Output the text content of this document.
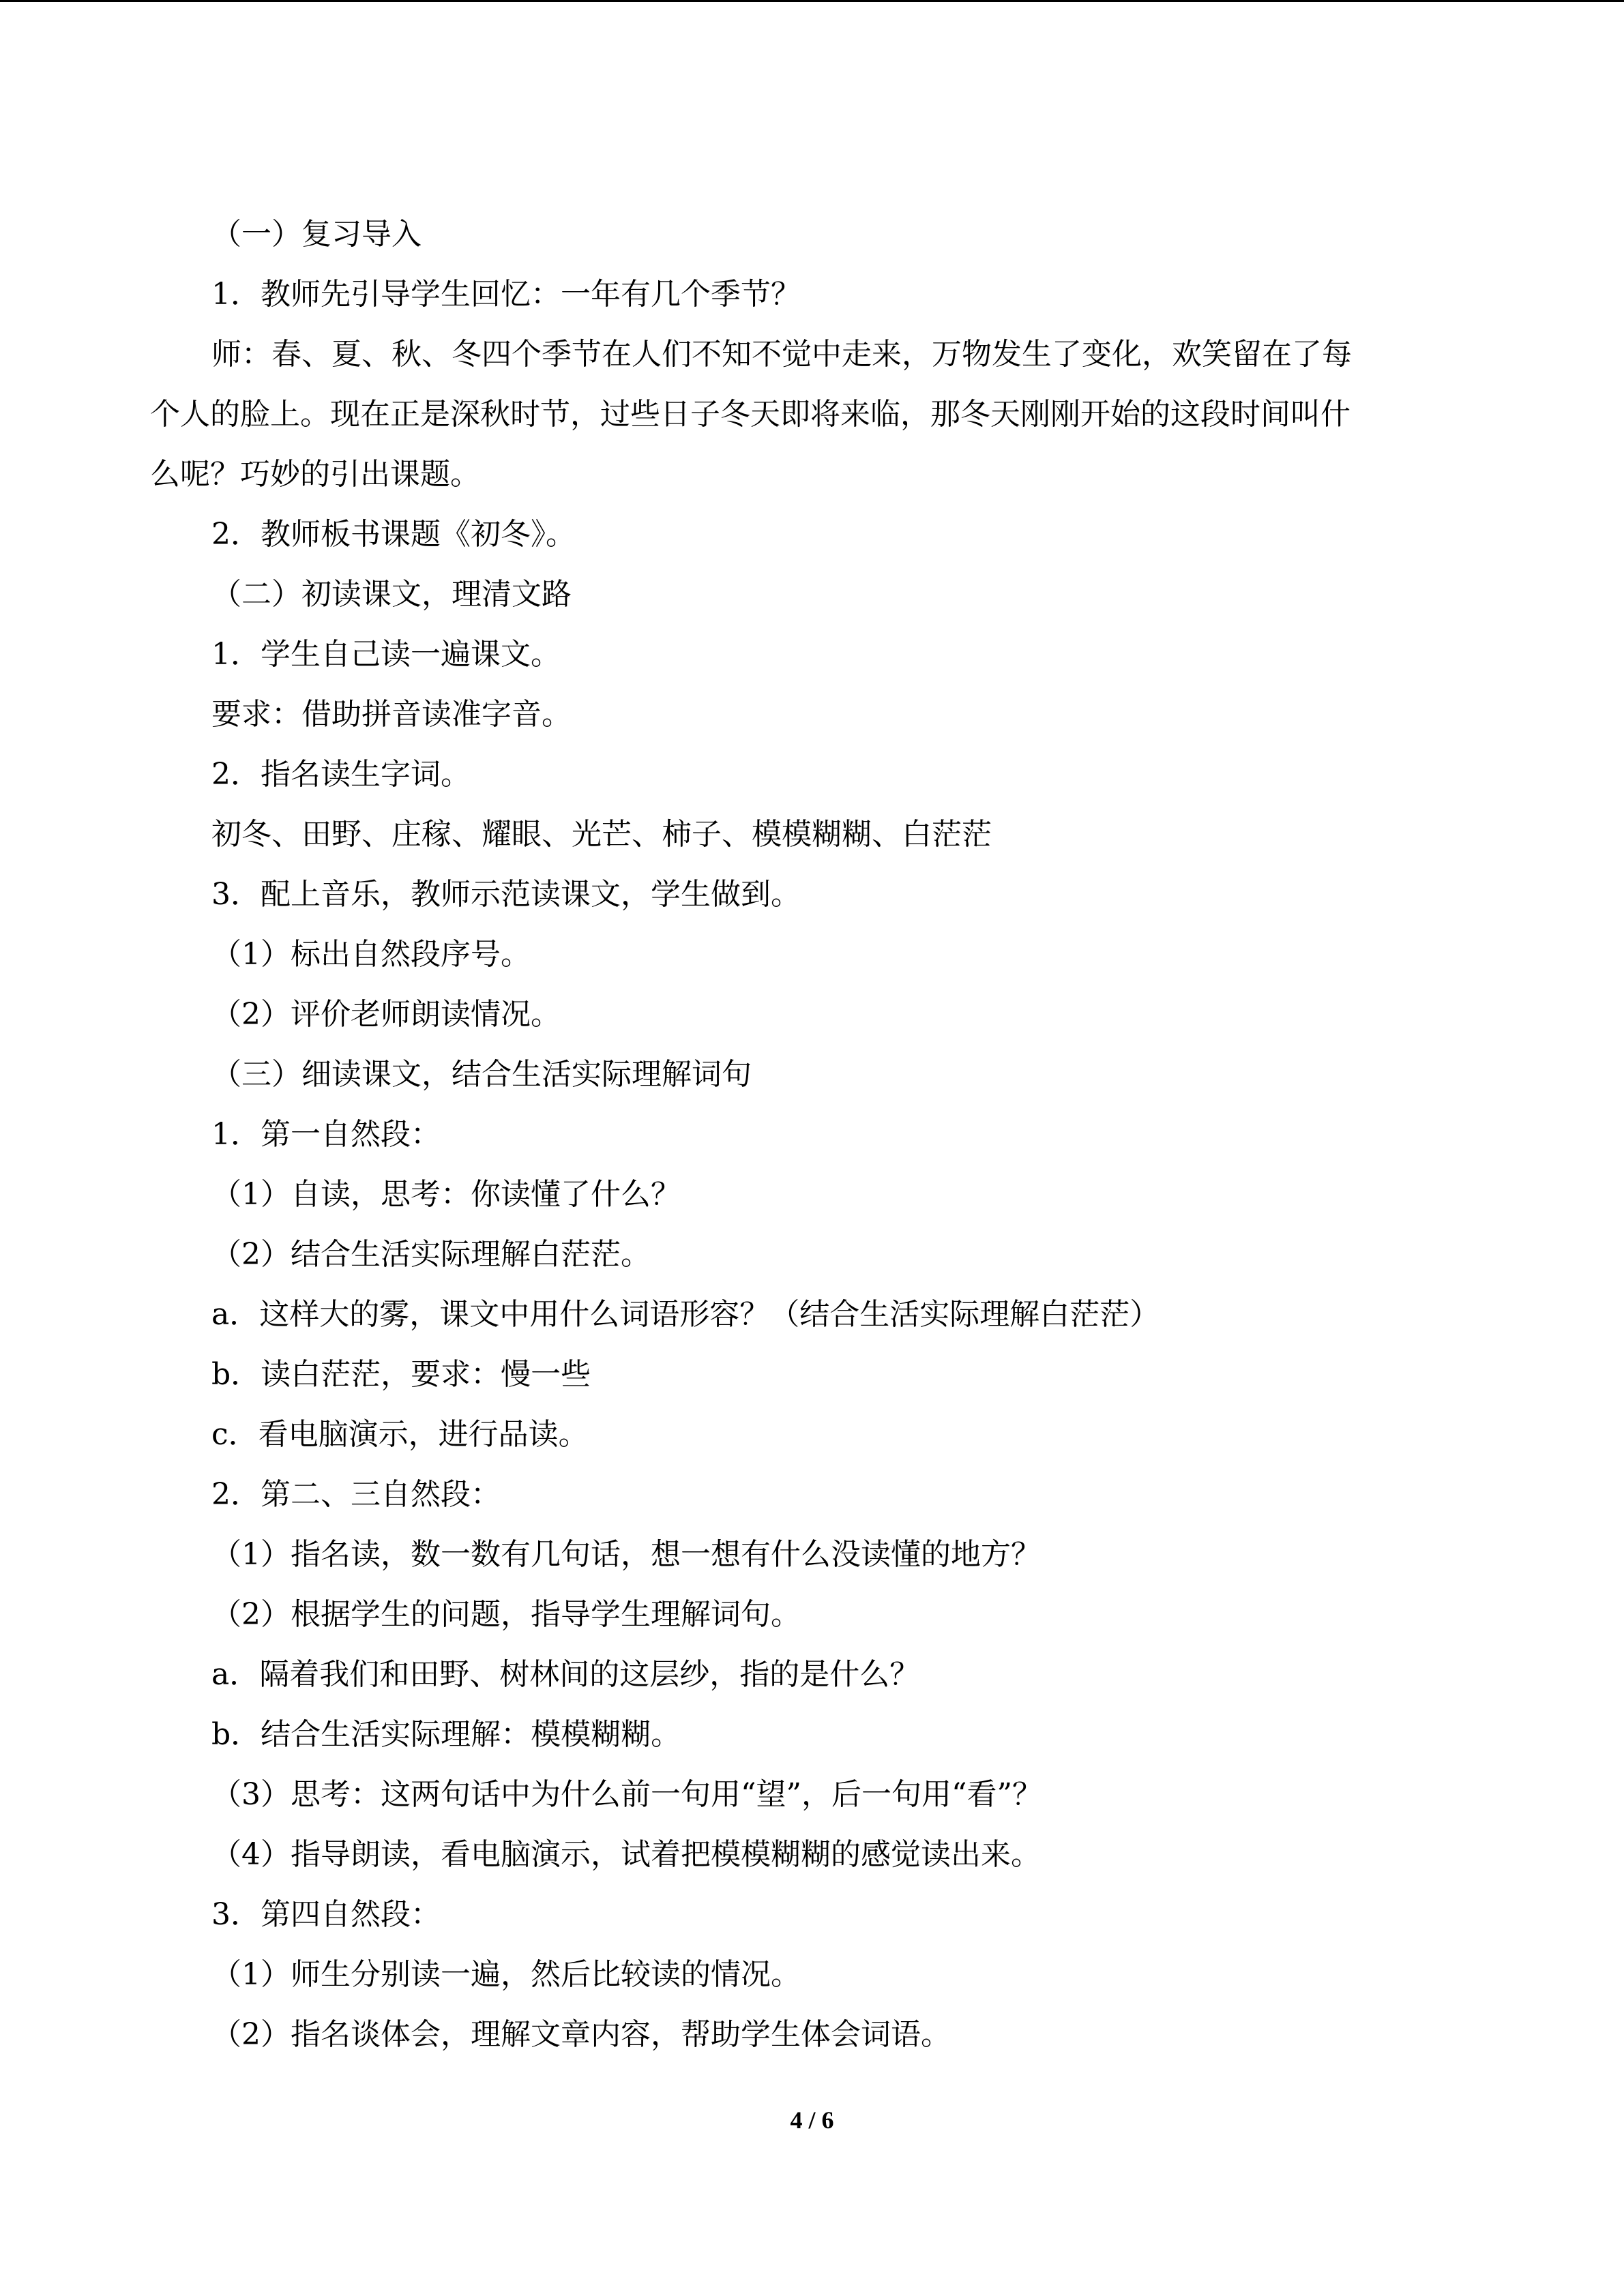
（一）复习导入
1．教师先引导学生回忆：一年有几个季节？
师：春、夏、秋、冬四个季节在人们不知不觉中走来，万物发生了变化，欢笑留在了每
个人的脸上。现在正是深秋时节，过些日子冬天即将来临，那冬天刚刚开始的这段时间叫什
么呢？巧妙的引出课题。
2．教师板书课题《初冬》。
（二）初读课文，理清文路
1．学生自己读一遍课文。
要求：借助拼音读准字音。
2．指名读生字词。
初冬、田野、庄稼、耀眼、光芒、柿子、模模糊糊、白茫茫
3．配上音乐，教师示范读课文，学生做到。
（1）标出自然段序号。
（2）评价老师朗读情况。
（三）细读课文，结合生活实际理解词句
1．第一自然段：
（1）自读，思考：你读懂了什么？
（2）结合生活实际理解白茫茫。
a．这样大的雾，课文中用什么词语形容？（结合生活实际理解白茫茫）
b．读白茫茫，要求：慢一些
c．看电脑演示，进行品读。
2．第二、三自然段：
（1）指名读，数一数有几句话，想一想有什么没读懂的地方？
（2）根据学生的问题，指导学生理解词句。
a．隔着我们和田野、树林间的这层纱，指的是什么？
b．结合生活实际理解：模模糊糊。
（3）思考：这两句话中为什么前一句用“望”，后一句用“看”？
（4）指导朗读，看电脑演示，试着把模模糊糊的感觉读出来。
3．第四自然段：
（1）师生分别读一遍，然后比较读的情况。
（2）指名谈体会，理解文章内容，帮助学生体会词语。
4 / 6
